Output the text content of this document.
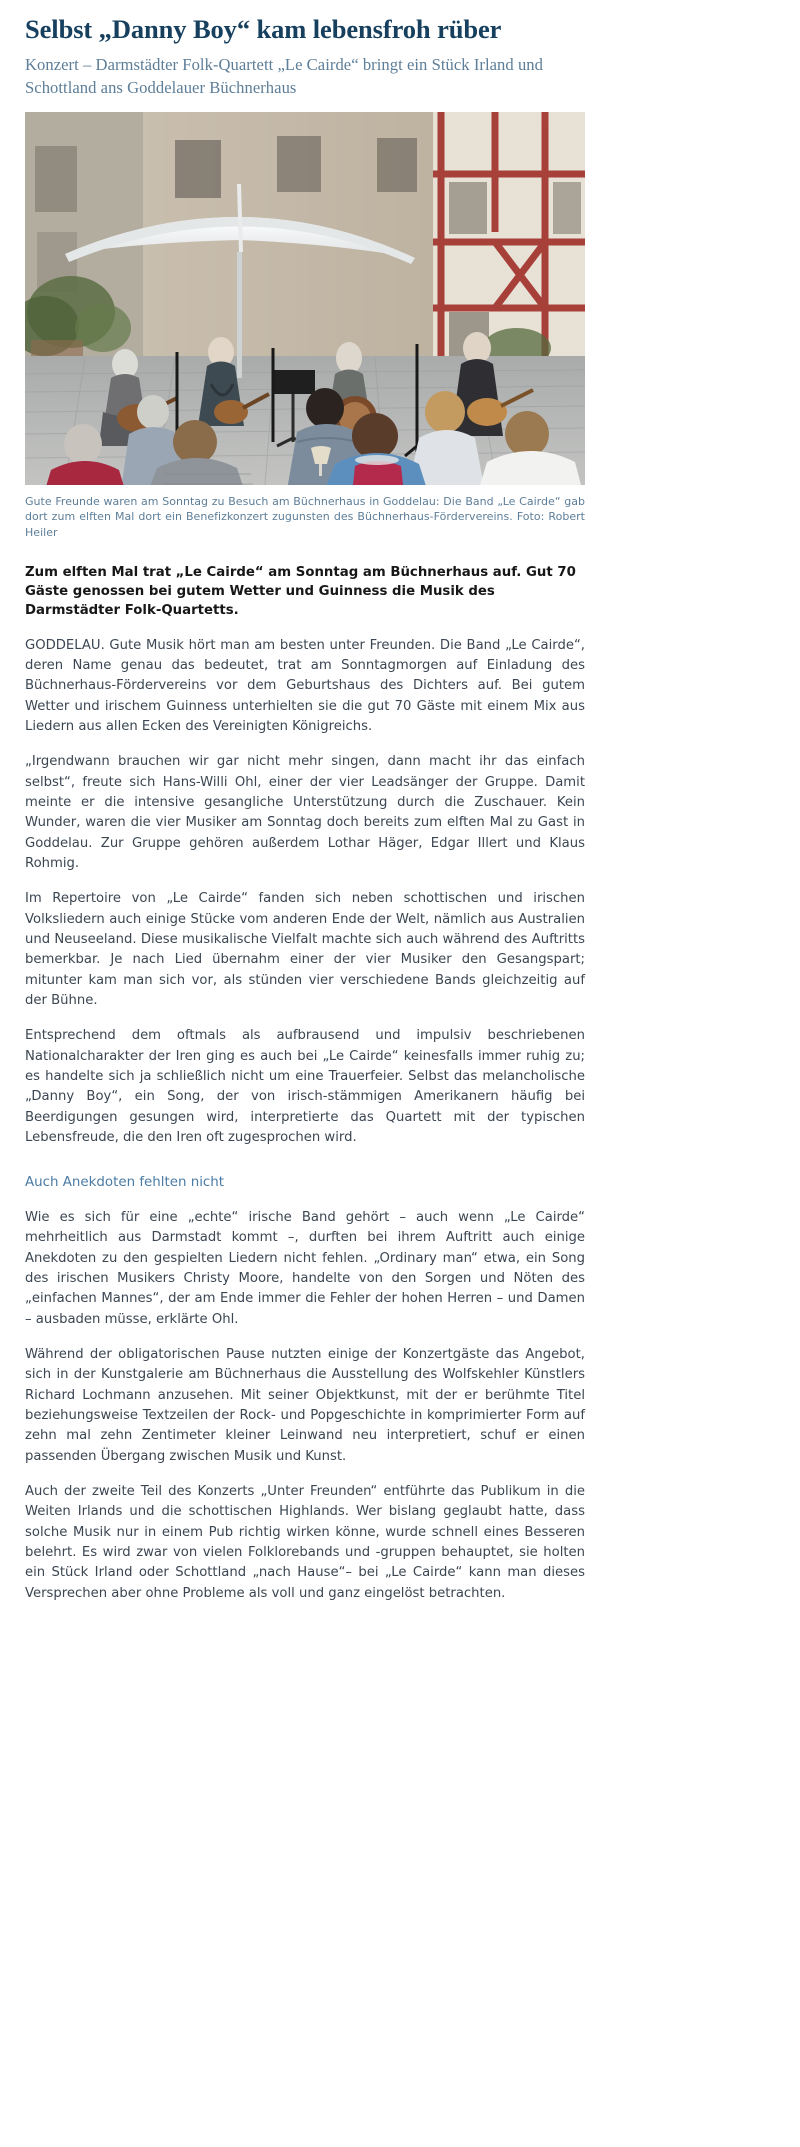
Selbst „Danny Boy“ kam lebensfroh rüber

Konzert – Darmstädter Folk-Quartett „Le Cairde“ bringt ein Stück Irland und Schottland ans Goddelauer Büchnerhaus

Gute Freunde waren am Sonntag zu Besuch am Büchnerhaus in Goddelau: Die Band „Le Cairde“ gab dort zum elften Mal dort ein Benefizkonzert zugunsten des Büchnerhaus-Fördervereins. Foto: Robert Heiler

Zum elften Mal trat „Le Cairde“ am Sonntag am Büchnerhaus auf. Gut 70 Gäste genossen bei gutem Wetter und Guinness die Musik des Darmstädter Folk-Quartetts.

GODDELAU. Gute Musik hört man am besten unter Freunden. Die Band „Le Cairde“, deren Name genau das bedeutet, trat am Sonntagmorgen auf Einladung des Büchnerhaus-Fördervereins vor dem Geburtshaus des Dichters auf. Bei gutem Wetter und irischem Guinness unterhielten sie die gut 70 Gäste mit einem Mix aus Liedern aus allen Ecken des Vereinigten Königreichs.

„Irgendwann brauchen wir gar nicht mehr singen, dann macht ihr das einfach selbst“, freute sich Hans-Willi Ohl, einer der vier Leadsänger der Gruppe. Damit meinte er die intensive gesangliche Unterstützung durch die Zuschauer. Kein Wunder, waren die vier Musiker am Sonntag doch bereits zum elften Mal zu Gast in Goddelau. Zur Gruppe gehören außerdem Lothar Häger, Edgar Illert und Klaus Rohmig.

Im Repertoire von „Le Cairde“ fanden sich neben schottischen und irischen Volksliedern auch einige Stücke vom anderen Ende der Welt, nämlich aus Australien und Neuseeland. Diese musikalische Vielfalt machte sich auch während des Auftritts bemerkbar. Je nach Lied übernahm einer der vier Musiker den Gesangspart; mitunter kam man sich vor, als stünden vier verschiedene Bands gleichzeitig auf der Bühne.

Entsprechend dem oftmals als aufbrausend und impulsiv beschriebenen Nationalcharakter der Iren ging es auch bei „Le Cairde“ keinesfalls immer ruhig zu; es handelte sich ja schließlich nicht um eine Trauerfeier. Selbst das melancholische „Danny Boy“, ein Song, der von irisch-stämmigen Amerikanern häufig bei Beerdigungen gesungen wird, interpretierte das Quartett mit der typischen Lebensfreude, die den Iren oft zugesprochen wird.

Auch Anekdoten fehlten nicht

Wie es sich für eine „echte“ irische Band gehört – auch wenn „Le Cairde“ mehrheitlich aus Darmstadt kommt –, durften bei ihrem Auftritt auch einige Anekdoten zu den gespielten Liedern nicht fehlen. „Ordinary man“ etwa, ein Song des irischen Musikers Christy Moore, handelte von den Sorgen und Nöten des „einfachen Mannes“, der am Ende immer die Fehler der hohen Herren – und Damen – ausbaden müsse, erklärte Ohl.

Während der obligatorischen Pause nutzten einige der Konzertgäste das Angebot, sich in der Kunstgalerie am Büchnerhaus die Ausstellung des Wolfskehler Künstlers Richard Lochmann anzusehen. Mit seiner Objektkunst, mit der er berühmte Titel beziehungsweise Textzeilen der Rock- und Popgeschichte in komprimierter Form auf zehn mal zehn Zentimeter kleiner Leinwand neu interpretiert, schuf er einen passenden Übergang zwischen Musik und Kunst.

Auch der zweite Teil des Konzerts „Unter Freunden“ entführte das Publikum in die Weiten Irlands und die schottischen Highlands. Wer bislang geglaubt hatte, dass solche Musik nur in einem Pub richtig wirken könne, wurde schnell eines Besseren belehrt. Es wird zwar von vielen Folklorebands und -gruppen behauptet, sie holten ein Stück Irland oder Schottland „nach Hause“– bei „Le Cairde“ kann man dieses Versprechen aber ohne Probleme als voll und ganz eingelöst betrachten.
